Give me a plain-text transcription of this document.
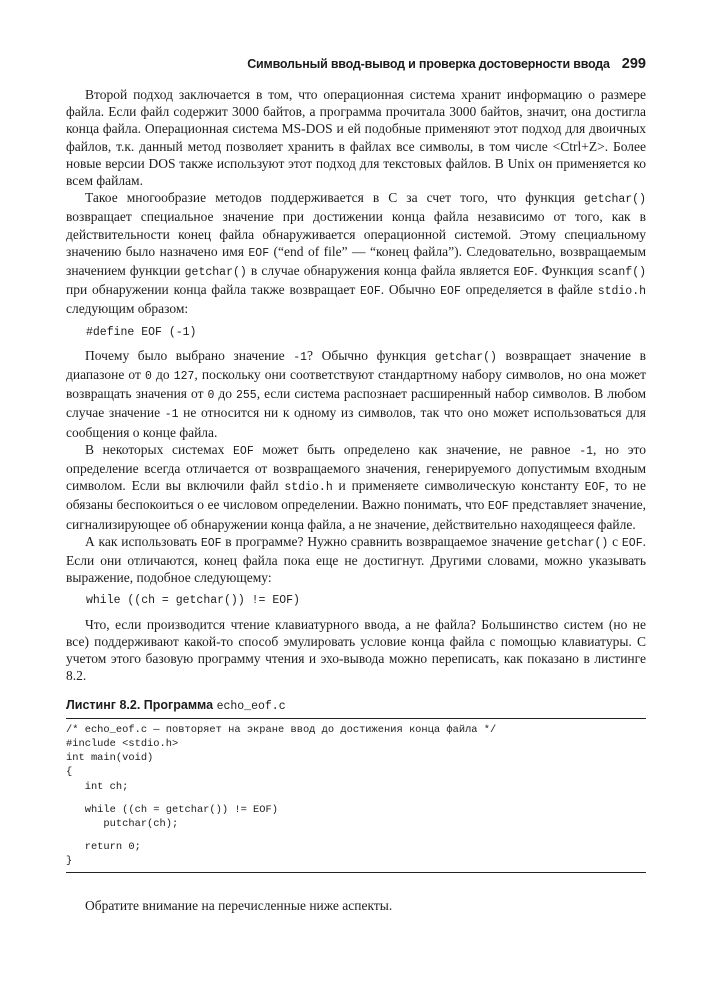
Символьный ввод-вывод и проверка достоверности ввода 299

Второй подход заключается в том, что операционная система хранит информацию о размере файла. Если файл содержит 3000 байтов, а программа прочитала 3000 байтов, значит, она достигла конца файла. Операционная система MS-DOS и ей подобные применяют этот подход для двоичных файлов, т.к. данный метод позволяет хранить в файлах все символы, в том числе <Ctrl+Z>. Более новые версии DOS также используют этот подход для текстовых файлов. В Unix он применяется ко всем файлам.

Такое многообразие методов поддерживается в C за счет того, что функция getchar() возвращает специальное значение при достижении конца файла независимо от того, как в действительности конец файла обнаруживается операционной системой. Этому специальному значению было назначено имя EOF (“end of file” — “конец файла”). Следовательно, возвращаемым значением функции getchar() в случае обнаружения конца файла является EOF. Функция scanf() при обнаружении конца файла также возвращает EOF. Обычно EOF определяется в файле stdio.h следующим образом:

#define EOF (-1)

Почему было выбрано значение -1? Обычно функция getchar() возвращает значение в диапазоне от 0 до 127, поскольку они соответствуют стандартному набору символов, но она может возвращать значения от 0 до 255, если система распознает расширенный набор символов. В любом случае значение -1 не относится ни к одному из символов, так что оно может использоваться для сообщения о конце файла.

В некоторых системах EOF может быть определено как значение, не равное -1, но это определение всегда отличается от возвращаемого значения, генерируемого допустимым входным символом. Если вы включили файл stdio.h и применяете символическую константу EOF, то не обязаны беспокоиться о ее числовом определении. Важно понимать, что EOF представляет значение, сигнализирующее об обнаружении конца файла, а не значение, действительно находящееся файле.

А как использовать EOF в программе? Нужно сравнить возвращаемое значение getchar() с EOF. Если они отличаются, конец файла пока еще не достигнут. Другими словами, можно указывать выражение, подобное следующему:

while ((ch = getchar()) != EOF)

Что, если производится чтение клавиатурного ввода, а не файла? Большинство систем (но не все) поддерживают какой-то способ эмулировать условие конца файла с помощью клавиатуры. С учетом этого базовую программу чтения и эхо-вывода можно переписать, как показано в листинге 8.2.

Листинг 8.2. Программа echo_eof.c
/* echo_eof.c — повторяет на экране ввод до достижения конца файла */
#include <stdio.h>
int main(void)
{
int ch;
while ((ch = getchar()) != EOF)
putchar(ch);
return 0;
}

Обратите внимание на перечисленные ниже аспекты.
